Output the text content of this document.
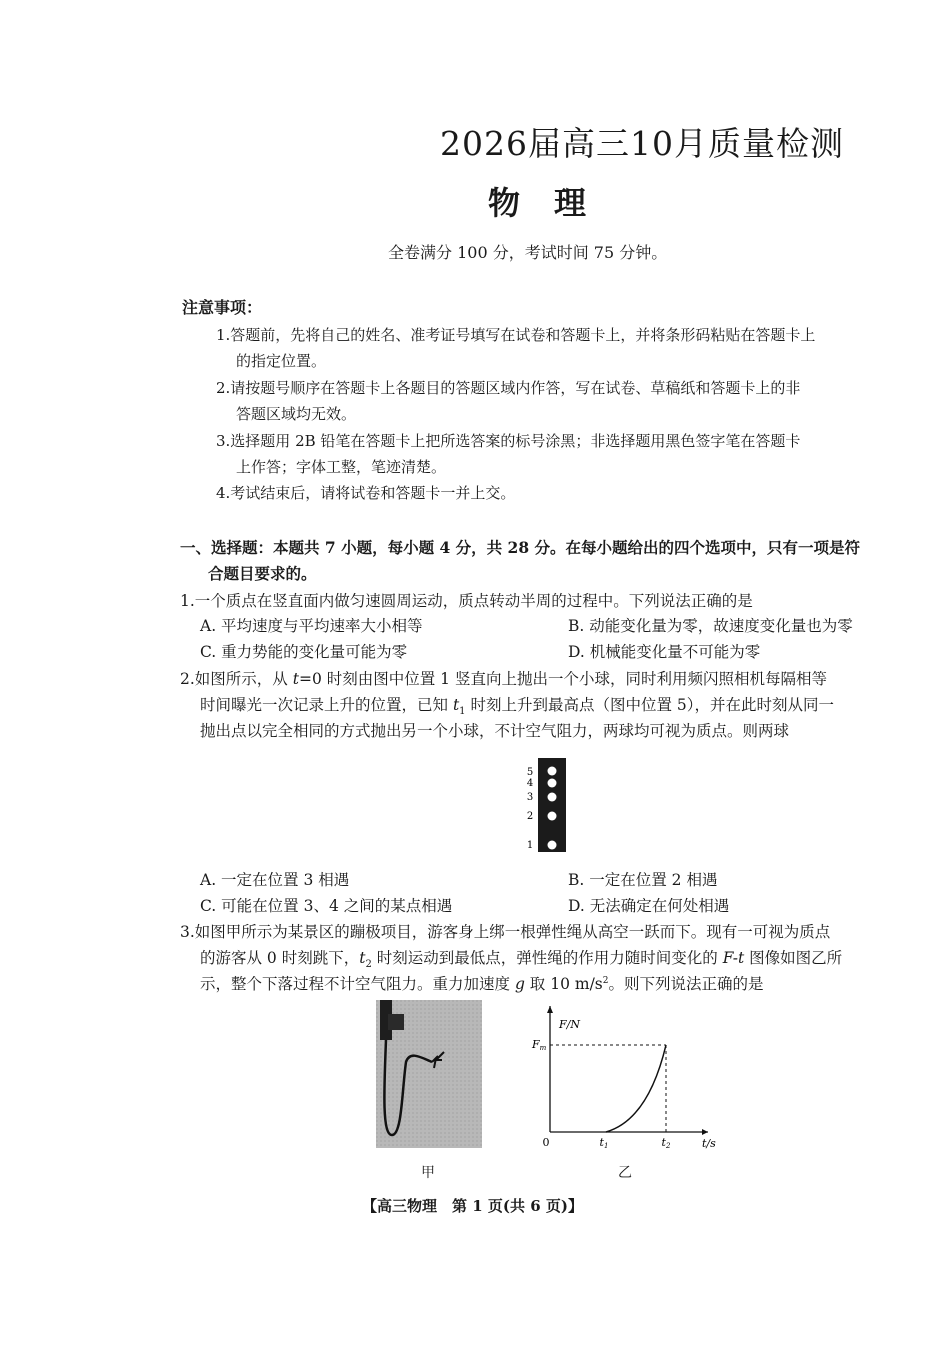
2026届高三10月质量检测
物 理
全卷满分 100 分，考试时间 75 分钟。
注意事项：
1.答题前，先将自己的姓名、准考证号填写在试卷和答题卡上，并将条形码粘贴在答题卡上
的指定位置。
2.请按题号顺序在答题卡上各题目的答题区域内作答，写在试卷、草稿纸和答题卡上的非
答题区域均无效。
3.选择题用 2B 铅笔在答题卡上把所选答案的标号涂黑；非选择题用黑色签字笔在答题卡
上作答；字体工整，笔迹清楚。
4.考试结束后，请将试卷和答题卡一并上交。
一、选择题：本题共 7 小题，每小题 4 分，共 28 分。在每小题给出的四个选项中，只有一项是符
合题目要求的。
1.一个质点在竖直面内做匀速圆周运动，质点转动半周的过程中。下列说法正确的是
A. 平均速度与平均速率大小相等	B. 动能变化量为零，故速度变化量也为零
C. 重力势能的变化量可能为零	D. 机械能变化量不可能为零
2.如图所示，从 t=0 时刻由图中位置 1 竖直向上抛出一个小球，同时利用频闪照相机每隔相等
时间曝光一次记录上升的位置，已知 $t_1$ 时刻上升到最高点（图中位置 5），并在此时刻从同一
抛出点以完全相同的方式抛出另一个小球，不计空气阻力，两球均可视为质点。则两球
5
4
3
2
1
A. 一定在位置 3 相遇	B. 一定在位置 2 相遇
C. 可能在位置 3、4 之间的某点相遇	D. 无法确定在何处相遇
3.如图甲所示为某景区的蹦极项目，游客身上绑一根弹性绳从高空一跃而下。现有一可视为质点
的游客从 0 时刻跳下，$t_2$ 时刻运动到最低点，弹性绳的作用力随时间变化的 F-t 图像如图乙所
示，整个下落过程不计空气阻力。重力加速度 g 取 10 $m/s^2$。则下列说法正确的是
甲
F/N
t/s
0
Fm
t1	t2
乙
【高三物理　第 1 页(共 6 页)】
